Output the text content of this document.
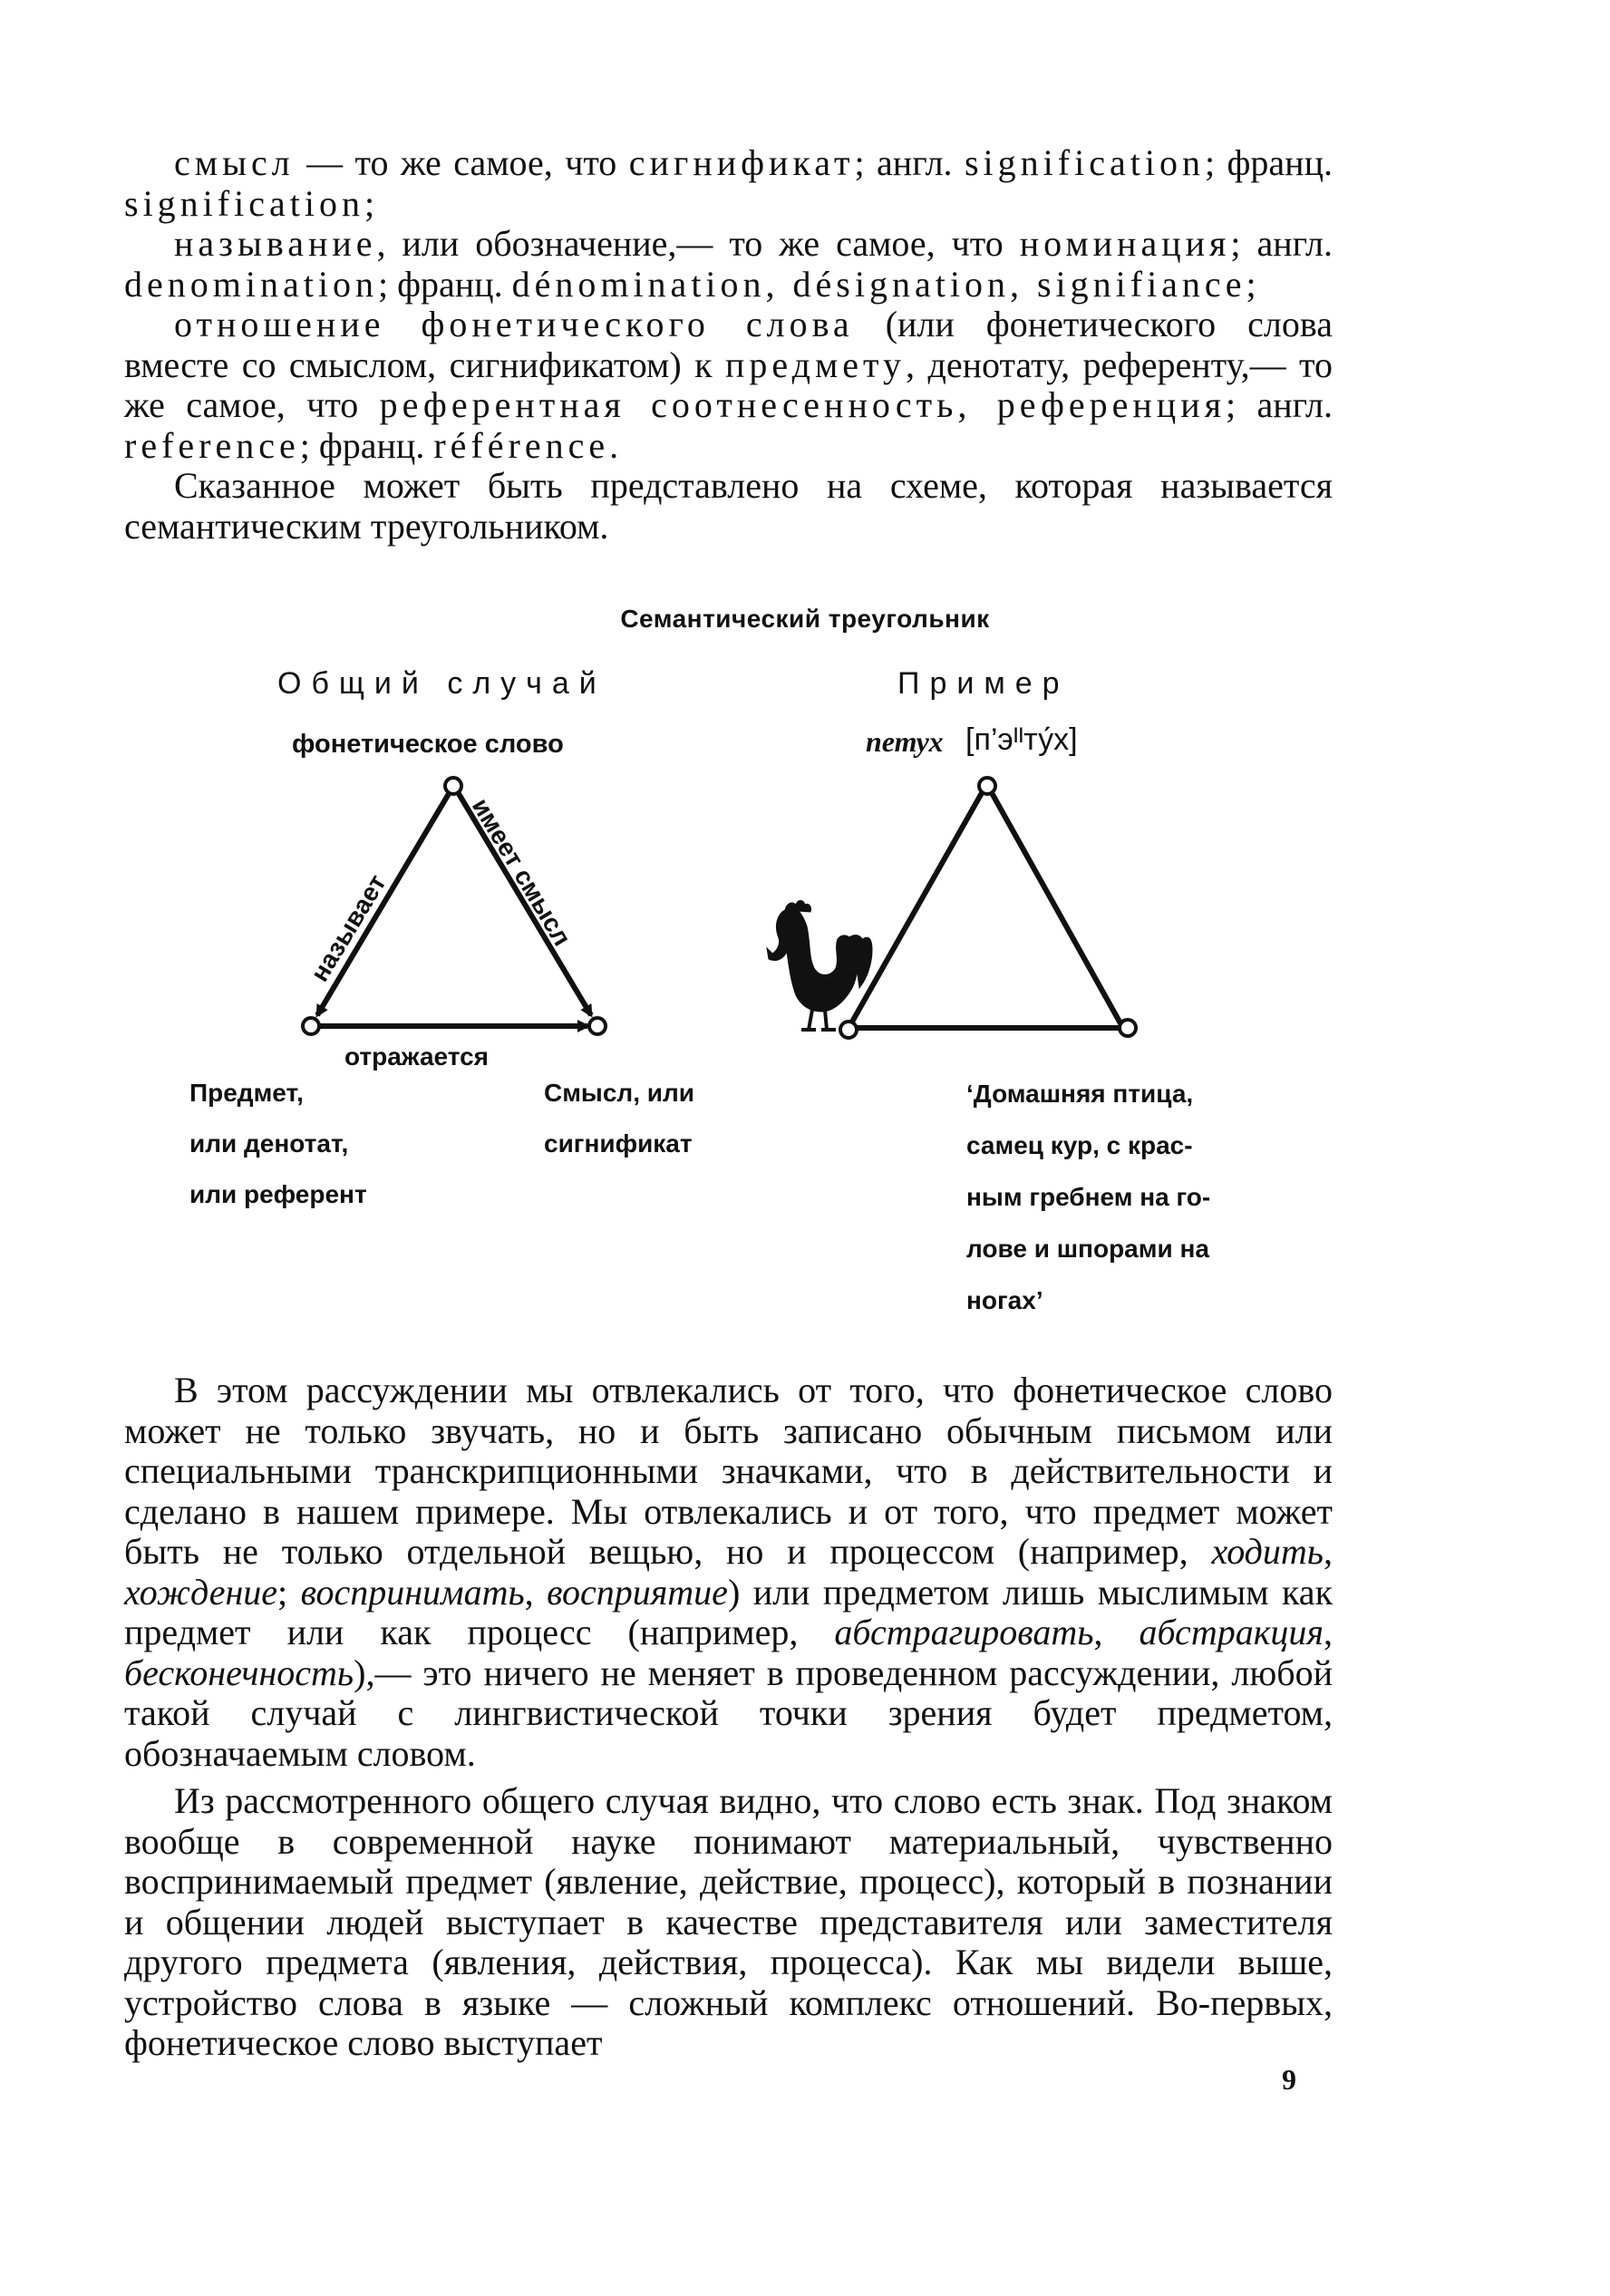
смысл — то же самое, что сигнификат; англ. signification; франц. signification;

называние, или обозначение,— то же самое, что номинация; англ. denomination; франц. dénomination, désignation, signifiance;

отношение фонетического слова (или фонетического слова вместе со смыслом, сигнификатом) к предмету, денотату, референту,— то же самое, что референтная соотнесенность, референция; англ. reference; франц. référence.

Сказанное может быть представлено на схеме, которая называется семантическим треугольником.

Семантический треугольник
Общий случай	Пример
фонетическое слово	петух [п’эᴵᴵту́х]
называет
имеет смысл
отражается
Предмет,
или денотат,
или референт
Смысл, или
сигнификат
‘Домашняя птица,
самец кур, с крас-
ным гребнем на го-
лове и шпорами на
ногах’

В этом рассуждении мы отвлекались от того, что фонетическое слово может не только звучать, но и быть записано обычным письмом или специальными транскрипционными значками, что в действительности и сделано в нашем примере. Мы отвлекались и от того, что предмет может быть не только отдельной вещью, но и процессом (например, ходить, хождение; воспринимать, восприятие) или предметом лишь мыслимым как предмет или как процесс (например, абстрагировать, абстракция, бесконечность),— это ничего не меняет в проведенном рассуждении, любой такой случай с лингвистической точки зрения будет предметом, обозначаемым словом.

Из рассмотренного общего случая видно, что слово есть знак. Под знаком вообще в современной науке понимают материальный, чувственно воспринимаемый предмет (явление, действие, процесс), который в познании и общении людей выступает в качестве представителя или заместителя другого предмета (явления, действия, процесса). Как мы видели выше, устройство слова в языке — сложный комплекс отношений. Во-первых, фонетическое слово выступает

9
